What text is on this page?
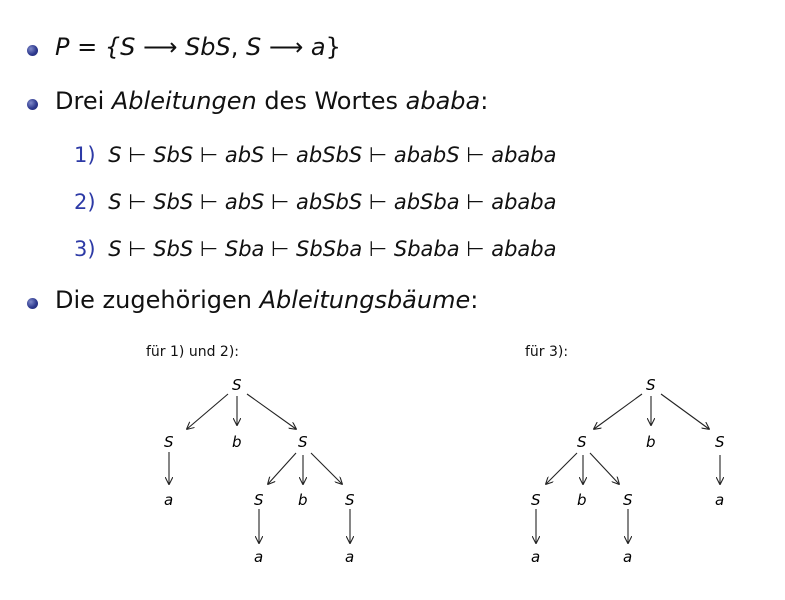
P = {S ⟶ SbS, S ⟶ a}
Drei Ableitungen des Wortes ababa:
1) S ⊢ SbS ⊢ abS ⊢ abSbS ⊢ ababS ⊢ ababa
2) S ⊢ SbS ⊢ abS ⊢ abSbS ⊢ abSba ⊢ ababa
3) S ⊢ SbS ⊢ Sba ⊢ SbSba ⊢ Sbaba ⊢ ababa
Die zugehörigen Ableitungsbäume:
für 1) und 2):	für 3):
S
S	b	S
a	S b S
a	a
S
S	b	S
a
S b S
a	a
